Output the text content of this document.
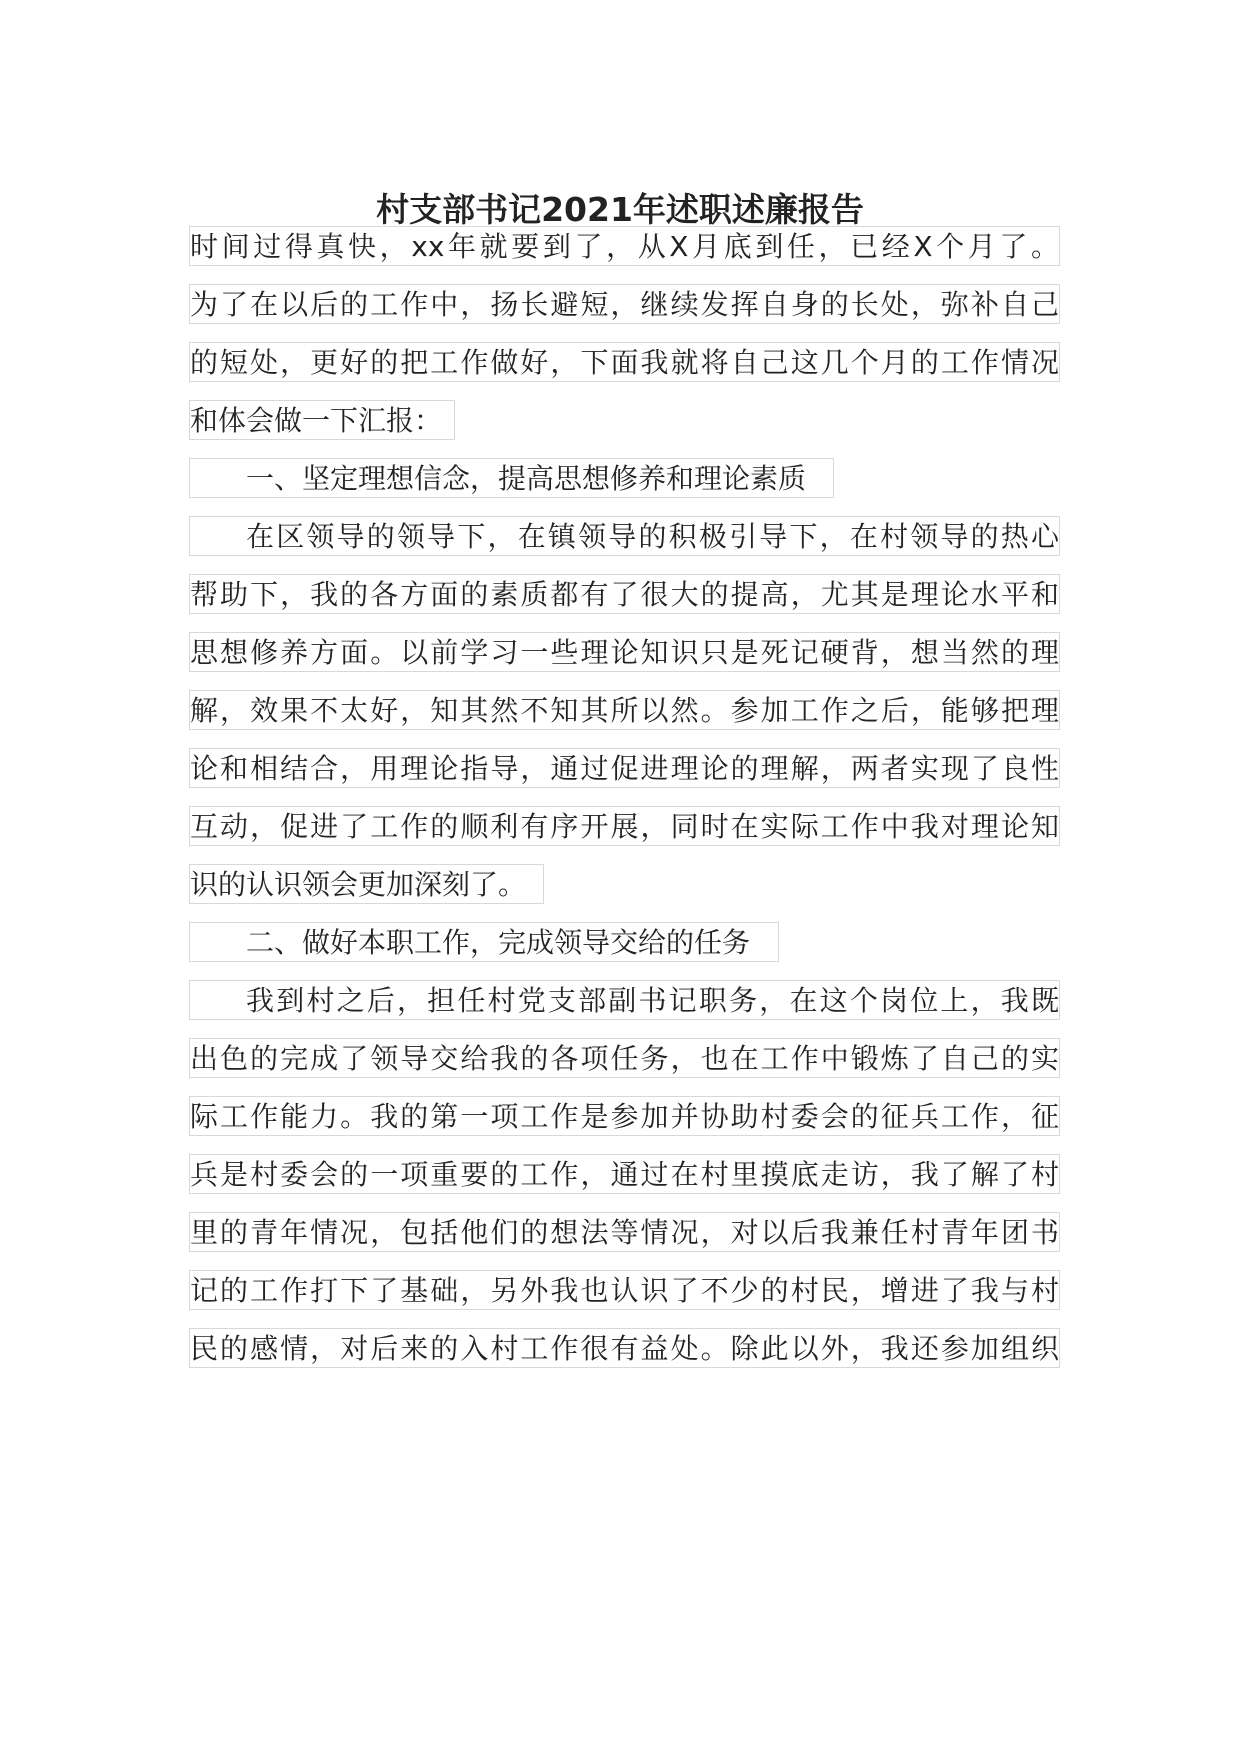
村支部书记2021年述职述廉报告
时间过得真快，xx年就要到了，从X月底到任，已经X个月了。
为了在以后的工作中，扬长避短，继续发挥自身的长处，弥补自己
的短处，更好的把工作做好，下面我就将自己这几个月的工作情况
和体会做一下汇报：
一、坚定理想信念，提高思想修养和理论素质
在区领导的领导下，在镇领导的积极引导下，在村领导的热心
帮助下，我的各方面的素质都有了很大的提高，尤其是理论水平和
思想修养方面。以前学习一些理论知识只是死记硬背，想当然的理
解，效果不太好，知其然不知其所以然。参加工作之后，能够把理
论和相结合，用理论指导，通过促进理论的理解，两者实现了良性
互动，促进了工作的顺利有序开展，同时在实际工作中我对理论知
识的认识领会更加深刻了。
二、做好本职工作，完成领导交给的任务
我到村之后，担任村党支部副书记职务，在这个岗位上，我既
出色的完成了领导交给我的各项任务，也在工作中锻炼了自己的实
际工作能力。我的第一项工作是参加并协助村委会的征兵工作，征
兵是村委会的一项重要的工作，通过在村里摸底走访，我了解了村
里的青年情况，包括他们的想法等情况，对以后我兼任村青年团书
记的工作打下了基础，另外我也认识了不少的村民，增进了我与村
民的感情，对后来的入村工作很有益处。除此以外，我还参加组织
